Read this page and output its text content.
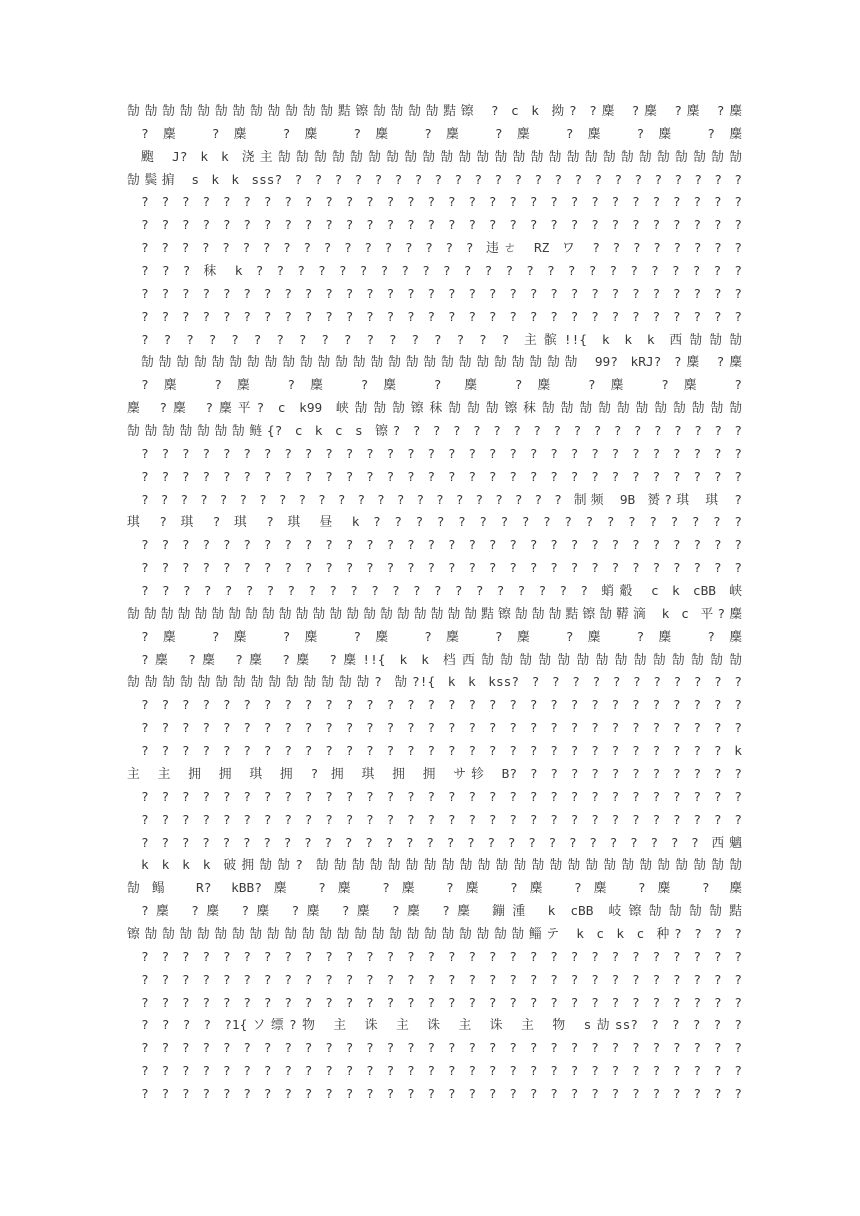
勂勂勂勂勂勂勂勂勂勂勂勂黠镲勂勂勂勂黠镲 ? c k 拗? ?麇 ?麇 ?麇 ?麇
?麇 ?麇 ?麇 ?麇 ?麇 ?麇 ?麇 ?麇 ?麇
颮 J? k k 浇主勂勂勂勂勂勂勂勂勂勂勂勂勂勂勂勂勂勂勂勂勂勂勂勂勂勂
勂鬓掮 s k k sss? ? ? ? ? ? ? ? ? ? ? ? ? ? ? ? ? ? ? ? ? ? ? ?
? ? ? ? ? ? ? ? ? ? ? ? ? ? ? ? ? ? ? ? ? ? ? ? ? ? ? ? ? ?
? ? ? ? ? ? ? ? ? ? ? ? ? ? ? ? ? ? ? ? ? ? ? ? ? ? ? ? ? ?
? ? ? ? ? ? ? ? ? ? ? ? ? ? ? ? ? 违ㄜ RZ ワ ? ? ? ? ? ? ? ?
? ? ? 秣 k ? ? ? ? ? ? ? ? ? ? ? ? ? ? ? ? ? ? ? ? ? ? ? ?
? ? ? ? ? ? ? ? ? ? ? ? ? ? ? ? ? ? ? ? ? ? ? ? ? ? ? ? ? ?
? ? ? ? ? ? ? ? ? ? ? ? ? ? ? ? ? ? ? ? ? ? ? ? ? ? ? ? ? ?
? ? ? ? ? ? ? ? ? ? ? ? ? ? ? ? ? 主髌!!{ k k k 西勂勂勂
勂勂勂勂勂勂勂勂勂勂勂勂勂勂勂勂勂勂勂勂勂勂勂勂勂 99? kRJ? ?麇 ?麇
?麇 ?麇 ?麇 ?麇 ? 麇 ?麇 ?麇 ?麇 ?
麇 ?麇 ?麇平? c k99 峡勂勂勂镲秣勂勂勂镲秣勂勂勂勂勂勂勂勂勂勂勂
勂勂勂勂勂勂勂鲢{? c k c s 镲? ? ? ? ? ? ? ? ? ? ? ? ? ? ? ? ? ?
? ? ? ? ? ? ? ? ? ? ? ? ? ? ? ? ? ? ? ? ? ? ? ? ? ? ? ? ? ?
? ? ? ? ? ? ? ? ? ? ? ? ? ? ? ? ? ? ? ? ? ? ? ? ? ? ? ? ? ?
? ? ? ? ? ? ? ? ? ? ? ? ? ? ? ? ? ? ? ? ? ? 制频 9B 赟?琪 琪 ?
琪 ? 琪 ? 琪 ? 琪 昼 k ? ? ? ? ? ? ? ? ? ? ? ? ? ? ? ? ? ?
? ? ? ? ? ? ? ? ? ? ? ? ? ? ? ? ? ? ? ? ? ? ? ? ? ? ? ? ? ?
? ? ? ? ? ? ? ? ? ? ? ? ? ? ? ? ? ? ? ? ? ? ? ? ? ? ? ? ? ?
? ? ? ? ? ? ? ? ? ? ? ? ? ? ? ? ? ? ? ? ? ? 蛸觳 c k cBB 峡
勂勂勂勂勂勂勂勂勂勂勂勂勂勂勂勂勂勂勂勂勂黠镲勂勂勂黠镲勂鞯滴 k c 平?麇
?麇 ?麇 ?麇 ?麇 ?麇 ?麇 ?麇 ?麇 ?麇
?麇 ?麇 ?麇 ?麇 ?麇!!{ k k 档西勂勂勂勂勂勂勂勂勂勂勂勂勂勂
勂勂勂勂勂勂勂勂勂勂勂勂勂勂? 勂?!{ k k kss? ? ? ? ? ? ? ? ? ? ? ?
? ? ? ? ? ? ? ? ? ? ? ? ? ? ? ? ? ? ? ? ? ? ? ? ? ? ? ? ? ?
? ? ? ? ? ? ? ? ? ? ? ? ? ? ? ? ? ? ? ? ? ? ? ? ? ? ? ? ? ?
? ? ? ? ? ? ? ? ? ? ? ? ? ? ? ? ? ? ? ? ? ? ? ? ? ? ? ? ? k
主 主 拥 拥 琪 拥 ? 拥 琪 拥 拥 サ轸 B? ? ? ? ? ? ? ? ? ? ? ?
? ? ? ? ? ? ? ? ? ? ? ? ? ? ? ? ? ? ? ? ? ? ? ? ? ? ? ? ? ?
? ? ? ? ? ? ? ? ? ? ? ? ? ? ? ? ? ? ? ? ? ? ? ? ? ? ? ? ? ?
? ? ? ? ? ? ? ? ? ? ? ? ? ? ? ? ? ? ? ? ? ? ? ? ? ? ? ? 西魑
k k k k 破拥勂勂? 勂勂勂勂勂勂勂勂勂勂勂勂勂勂勂勂勂勂勂勂勂勂勂勂
勂鳎 R? kBB?麇 ?麇 ?麇 ?麇 ?麇 ?麇 ?麇 ? 麇
?麇 ?麇 ?麇 ?麇 ?麇 ?麇 ?麇 鏰湩 k cBB 岐镲勂勂勂勂黠
镲勂勂勂勂勂勂勂勂勂勂勂勂勂勂勂勂勂勂勂勂勂勂鲻テ k c k c 种? ? ? ?
? ? ? ? ? ? ? ? ? ? ? ? ? ? ? ? ? ? ? ? ? ? ? ? ? ? ? ? ? ?
? ? ? ? ? ? ? ? ? ? ? ? ? ? ? ? ? ? ? ? ? ? ? ? ? ? ? ? ? ?
? ? ? ? ? ? ? ? ? ? ? ? ? ? ? ? ? ? ? ? ? ? ? ? ? ? ? ? ? ?
? ? ? ? ?1{ソ缥?物 主 诛 主 诛 主 诛 主 物 s劼ss? ? ? ? ? ?
? ? ? ? ? ? ? ? ? ? ? ? ? ? ? ? ? ? ? ? ? ? ? ? ? ? ? ? ? ?
? ? ? ? ? ? ? ? ? ? ? ? ? ? ? ? ? ? ? ? ? ? ? ? ? ? ? ? ? ?
? ? ? ? ? ? ? ? ? ? ? ? ? ? ? ? ? ? ? ? ? ? ? ? ? ? ? ? ? ?
